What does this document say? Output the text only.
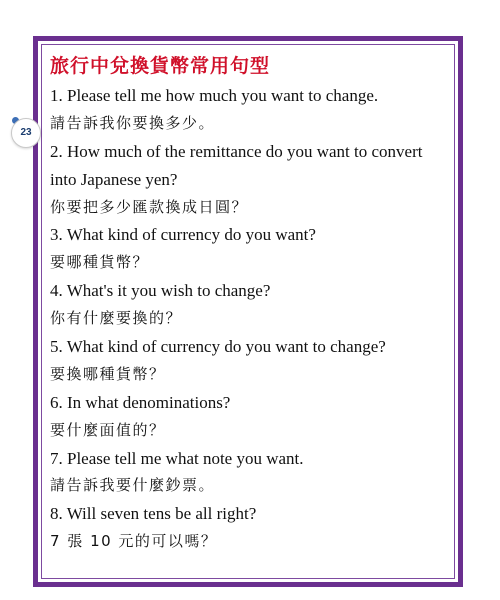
23
旅行中兌換貨幣常用句型
1. Please tell me how much you want to change.
請告訴我你要換多少。
2. How much of the remittance do you want to convert
into Japanese yen?
你要把多少匯款換成日圓？
3. What kind of currency do you want?
要哪種貨幣？
4. What's it you wish to change?
你有什麼要換的？
5. What kind of currency do you want to change?
要換哪種貨幣？
6. In what denominations?
要什麼面值的？
7. Please tell me what note you want.
請告訴我要什麼鈔票。
8. Will seven tens be all right?
7 張 10 元的可以嗎？
